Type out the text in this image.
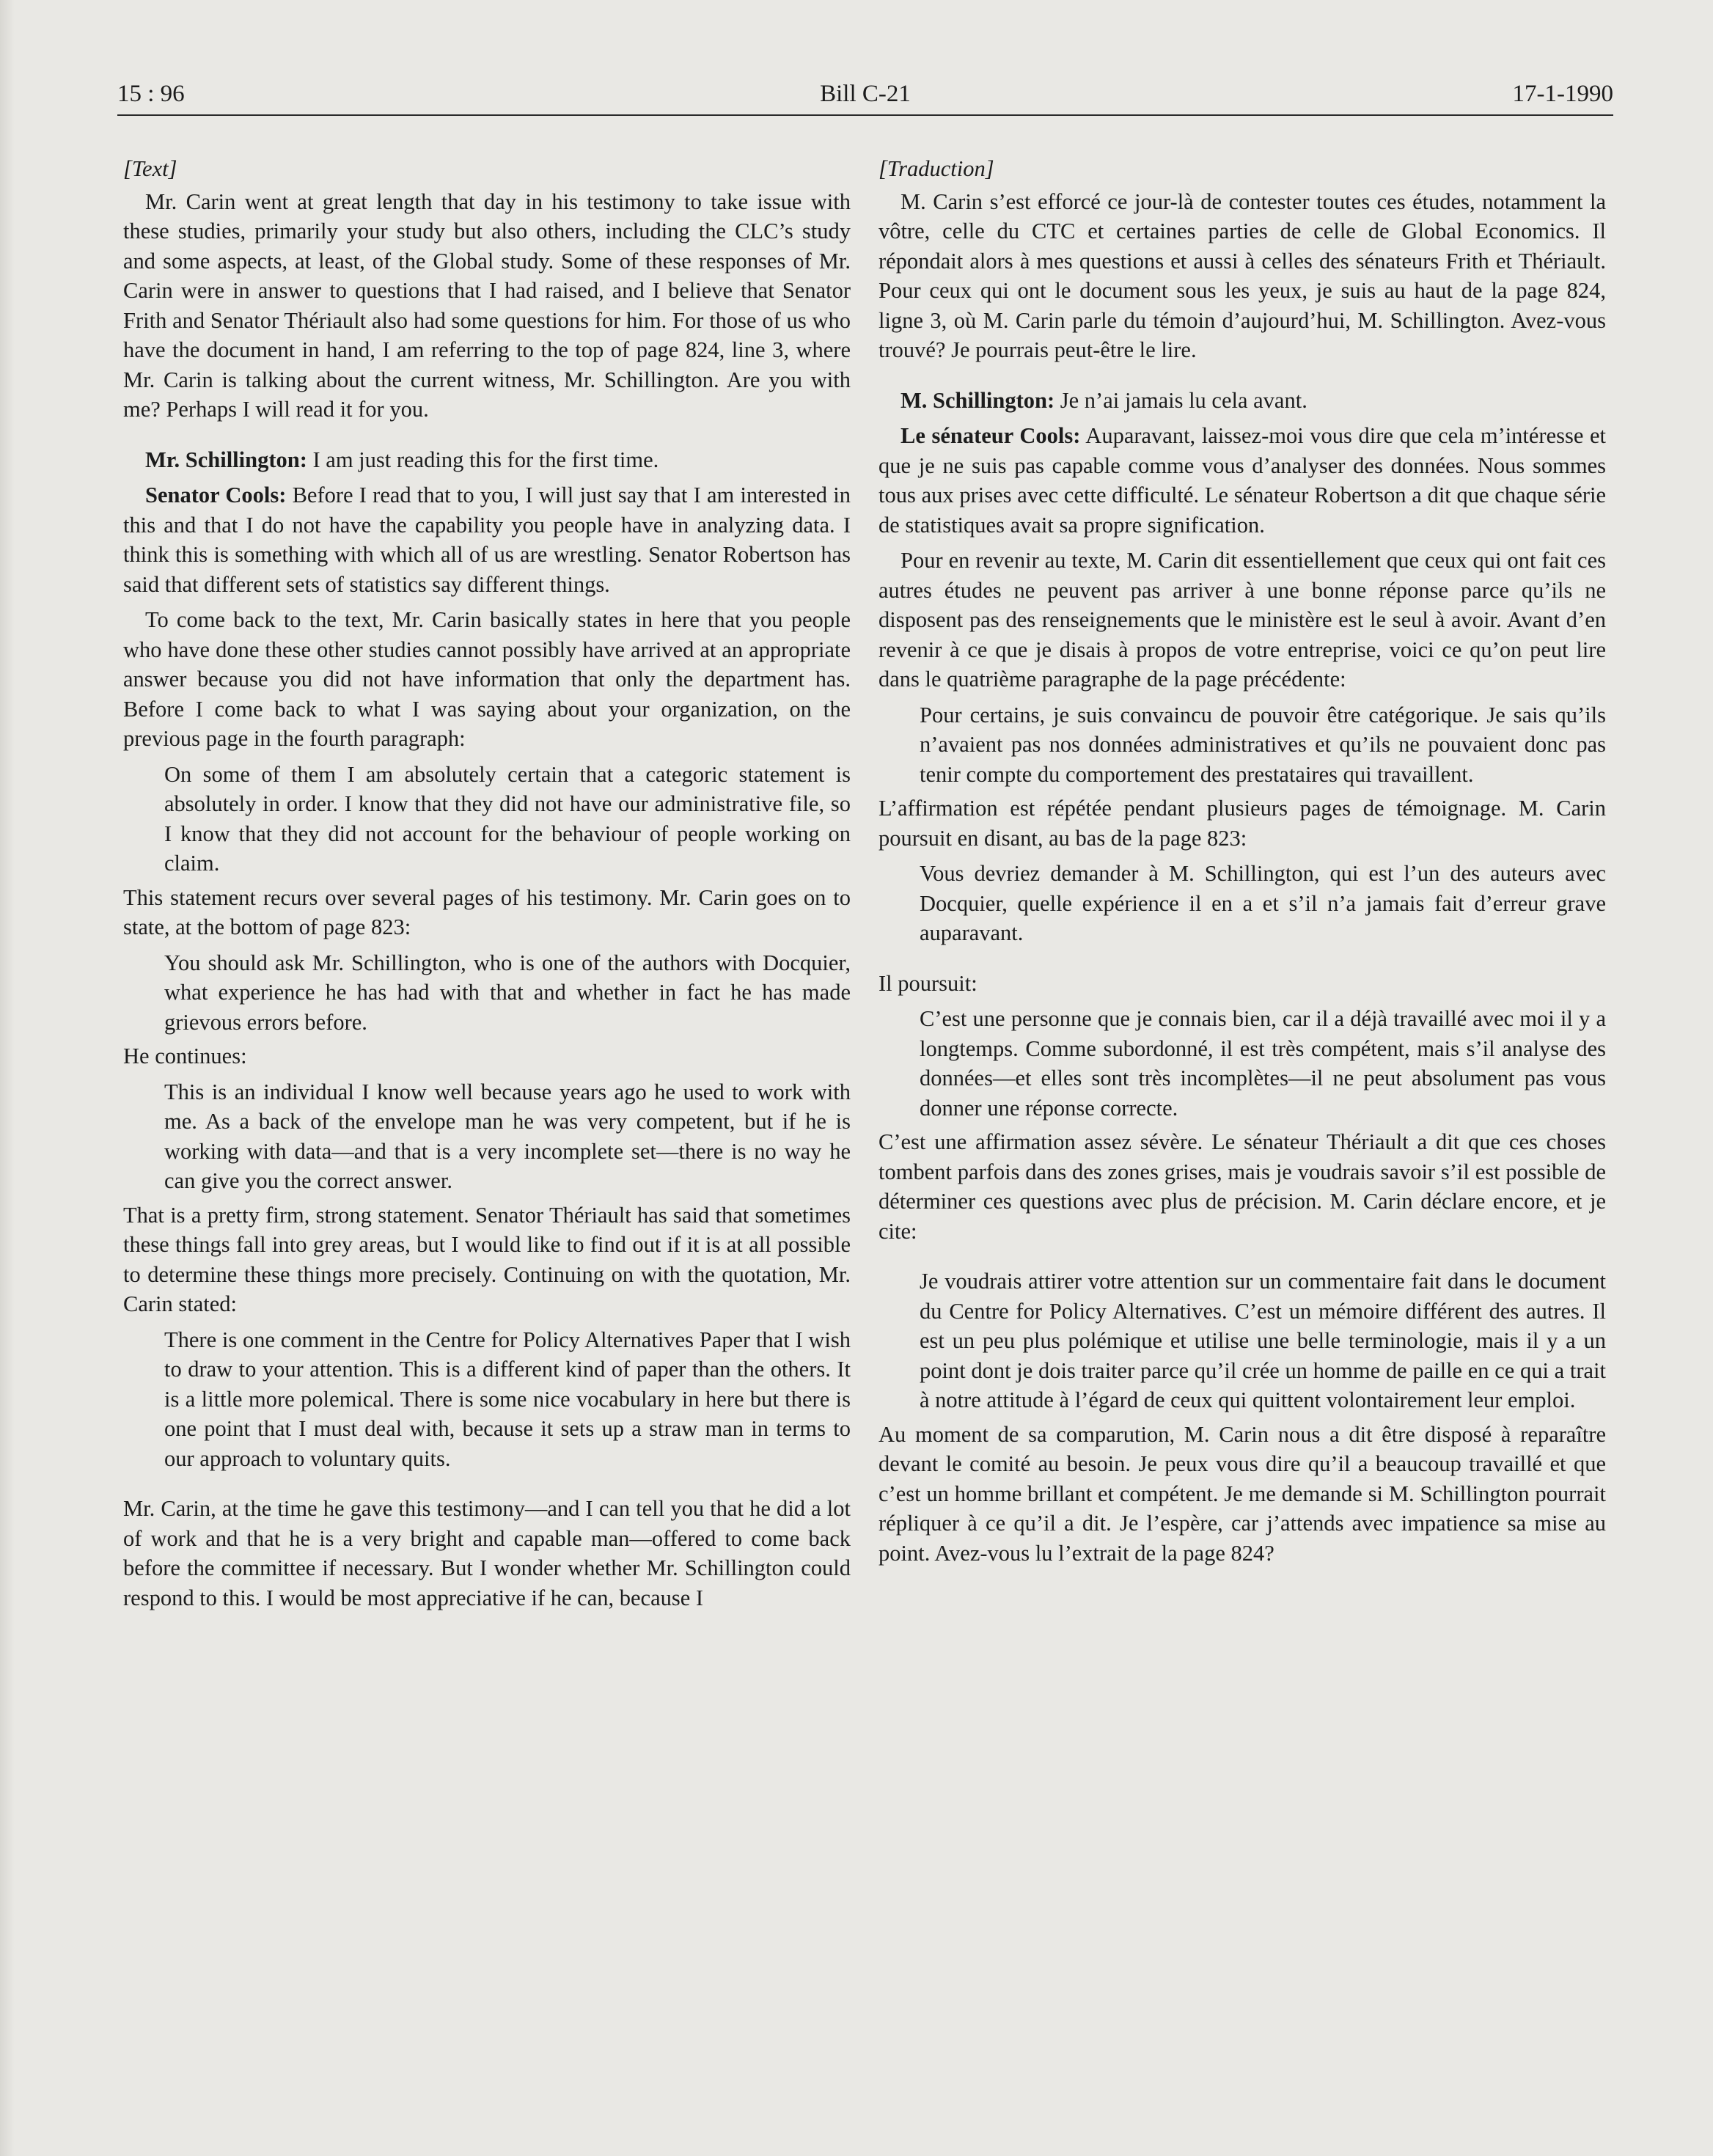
15 : 96	Bill C-21	17-1-1990

[Text]

Mr. Carin went at great length that day in his testimony to take issue with these studies, primarily your study but also others, including the CLC’s study and some aspects, at least, of the Global study. Some of these responses of Mr. Carin were in answer to questions that I had raised, and I believe that Senator Frith and Senator Thériault also had some questions for him. For those of us who have the document in hand, I am referring to the top of page 824, line 3, where Mr. Carin is talking about the current witness, Mr. Schillington. Are you with me? Perhaps I will read it for you.

Mr. Schillington: I am just reading this for the first time.

Senator Cools: Before I read that to you, I will just say that I am interested in this and that I do not have the capability you people have in analyzing data. I think this is something with which all of us are wrestling. Senator Robertson has said that different sets of statistics say different things.

To come back to the text, Mr. Carin basically states in here that you people who have done these other studies cannot possibly have arrived at an appropriate answer because you did not have information that only the department has. Before I come back to what I was saying about your organization, on the previous page in the fourth paragraph:

On some of them I am absolutely certain that a categoric statement is absolutely in order. I know that they did not have our administrative file, so I know that they did not account for the behaviour of people working on claim.

This statement recurs over several pages of his testimony. Mr. Carin goes on to state, at the bottom of page 823:

You should ask Mr. Schillington, who is one of the authors with Docquier, what experience he has had with that and whether in fact he has made grievous errors before.

He continues:

This is an individual I know well because years ago he used to work with me. As a back of the envelope man he was very competent, but if he is working with data—and that is a very incomplete set—there is no way he can give you the correct answer.

That is a pretty firm, strong statement. Senator Thériault has said that sometimes these things fall into grey areas, but I would like to find out if it is at all possible to determine these things more precisely. Continuing on with the quotation, Mr. Carin stated:

There is one comment in the Centre for Policy Alternatives Paper that I wish to draw to your attention. This is a different kind of paper than the others. It is a little more polemical. There is some nice vocabulary in here but there is one point that I must deal with, because it sets up a straw man in terms to our approach to voluntary quits.

Mr. Carin, at the time he gave this testimony—and I can tell you that he did a lot of work and that he is a very bright and capable man—offered to come back before the committee if necessary. But I wonder whether Mr. Schillington could respond to this. I would be most appreciative if he can, because I

[Traduction]

M. Carin s’est efforcé ce jour-là de contester toutes ces études, notamment la vôtre, celle du CTC et certaines parties de celle de Global Economics. Il répondait alors à mes questions et aussi à celles des sénateurs Frith et Thériault. Pour ceux qui ont le document sous les yeux, je suis au haut de la page 824, ligne 3, où M. Carin parle du témoin d’aujourd’hui, M. Schillington. Avez-vous trouvé? Je pourrais peut-être le lire.

M. Schillington: Je n’ai jamais lu cela avant.

Le sénateur Cools: Auparavant, laissez-moi vous dire que cela m’intéresse et que je ne suis pas capable comme vous d’analyser des données. Nous sommes tous aux prises avec cette difficulté. Le sénateur Robertson a dit que chaque série de statistiques avait sa propre signification.

Pour en revenir au texte, M. Carin dit essentiellement que ceux qui ont fait ces autres études ne peuvent pas arriver à une bonne réponse parce qu’ils ne disposent pas des renseignements que le ministère est le seul à avoir. Avant d’en revenir à ce que je disais à propos de votre entreprise, voici ce qu’on peut lire dans le quatrième paragraphe de la page précédente:

Pour certains, je suis convaincu de pouvoir être catégorique. Je sais qu’ils n’avaient pas nos données administratives et qu’ils ne pouvaient donc pas tenir compte du comportement des prestataires qui travaillent.

L’affirmation est répétée pendant plusieurs pages de témoignage. M. Carin poursuit en disant, au bas de la page 823:

Vous devriez demander à M. Schillington, qui est l’un des auteurs avec Docquier, quelle expérience il en a et s’il n’a jamais fait d’erreur grave auparavant.

Il poursuit:

C’est une personne que je connais bien, car il a déjà travaillé avec moi il y a longtemps. Comme subordonné, il est très compétent, mais s’il analyse des données—et elles sont très incomplètes—il ne peut absolument pas vous donner une réponse correcte.

C’est une affirmation assez sévère. Le sénateur Thériault a dit que ces choses tombent parfois dans des zones grises, mais je voudrais savoir s’il est possible de déterminer ces questions avec plus de précision. M. Carin déclare encore, et je cite:

Je voudrais attirer votre attention sur un commentaire fait dans le document du Centre for Policy Alternatives. C’est un mémoire différent des autres. Il est un peu plus polémique et utilise une belle terminologie, mais il y a un point dont je dois traiter parce qu’il crée un homme de paille en ce qui a trait à notre attitude à l’égard de ceux qui quittent volontairement leur emploi.

Au moment de sa comparution, M. Carin nous a dit être disposé à reparaître devant le comité au besoin. Je peux vous dire qu’il a beaucoup travaillé et que c’est un homme brillant et compétent. Je me demande si M. Schillington pourrait répliquer à ce qu’il a dit. Je l’espère, car j’attends avec impatience sa mise au point. Avez-vous lu l’extrait de la page 824?
